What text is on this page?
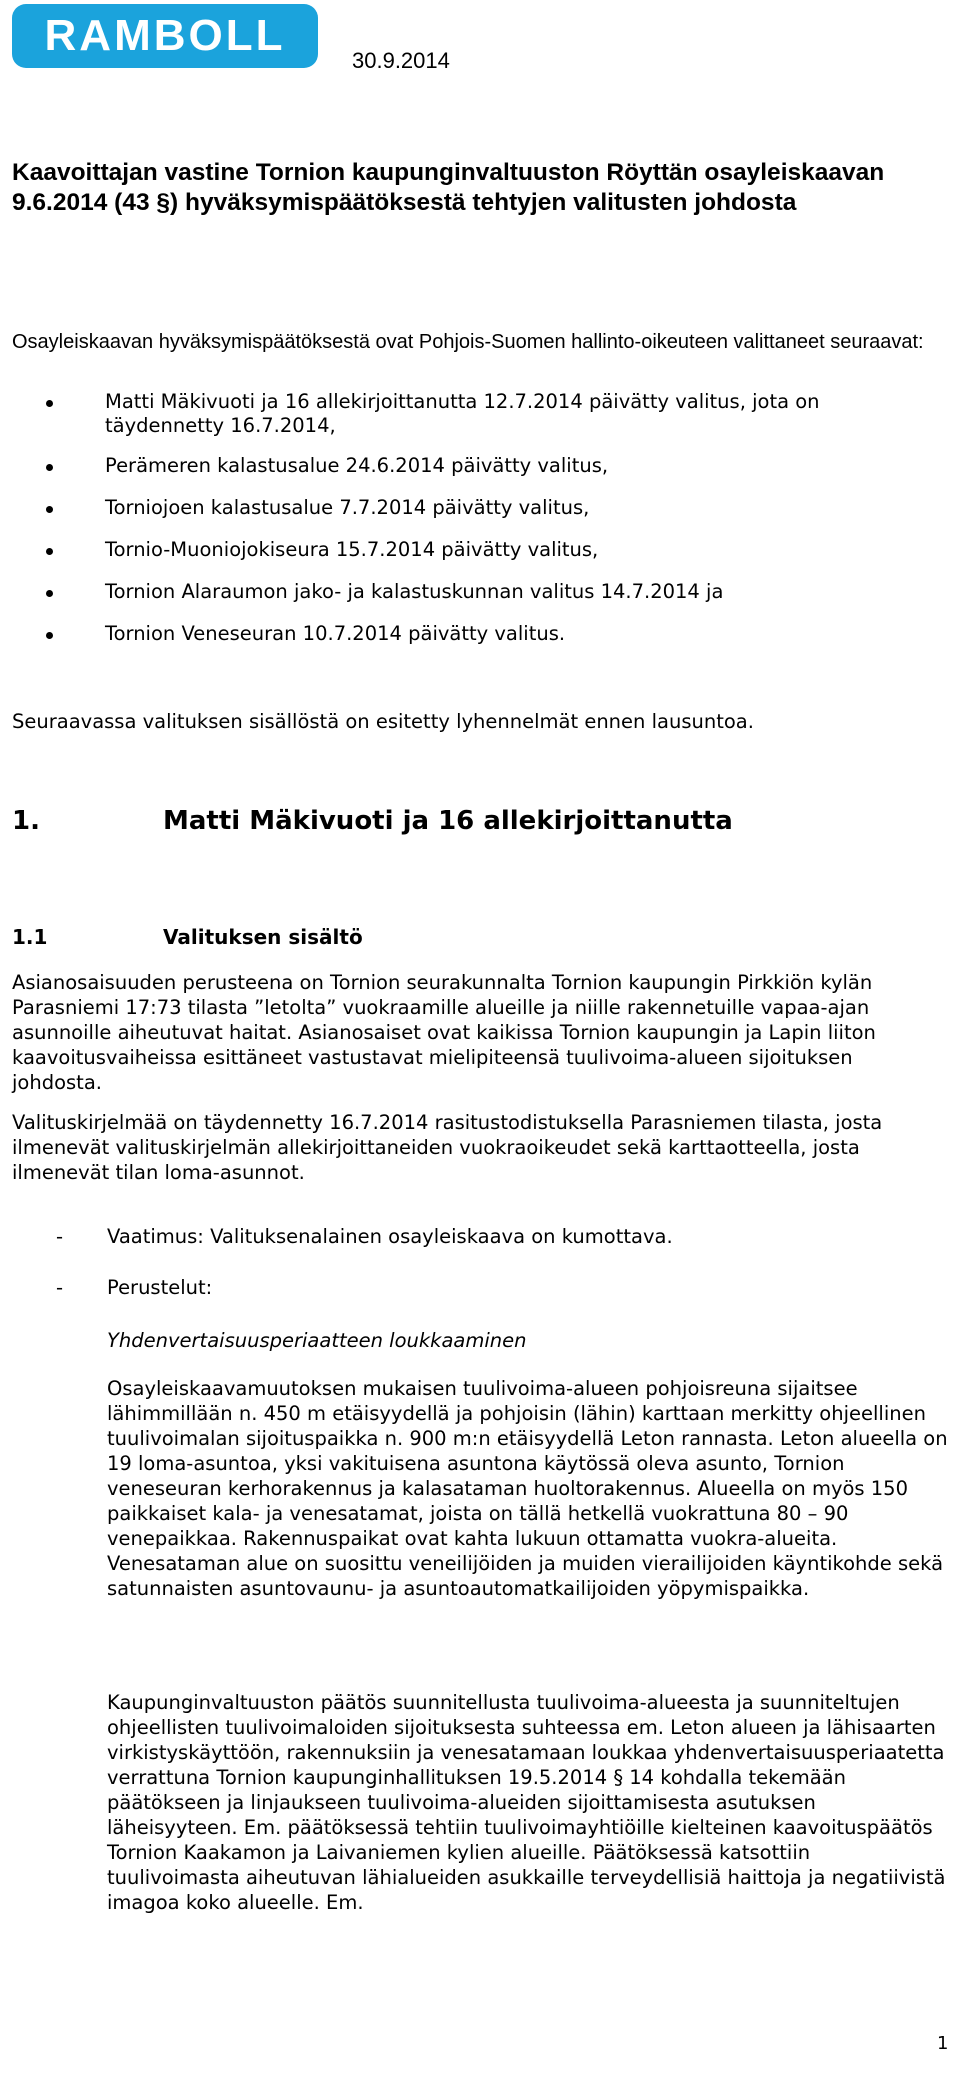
RAMBOLL
30.9.2014
Kaavoittajan vastine Tornion kaupunginvaltuuston Röyttän osayleiskaavan 9.6.2014 (43 §) hyväksymispäätöksestä tehtyjen valitusten johdosta

Osayleiskaavan hyväksymispäätöksestä ovat Pohjois-Suomen hallinto-oikeuteen valittaneet seuraavat:

Matti Mäkivuoti ja 16 allekirjoittanutta 12.7.2014 päivätty valitus, jota on täydennetty 16.7.2014,
Perämeren kalastusalue 24.6.2014 päivätty valitus,
Torniojoen kalastusalue 7.7.2014 päivätty valitus,
Tornio-Muoniojokiseura 15.7.2014 päivätty valitus,
Tornion Alaraumon jako- ja kalastuskunnan valitus 14.7.2014 ja
Tornion Veneseuran 10.7.2014 päivätty valitus.
Seuraavassa valituksen sisällöstä on esitetty lyhennelmät ennen lausuntoa.
1.	Matti Mäkivuoti ja 16 allekirjoittanutta
1.1	Valituksen sisältö

Asianosaisuuden perusteena on Tornion seurakunnalta Tornion kaupungin Pirkkiön kylän Parasniemi 17:73 tilasta ”letolta” vuokraamille alueille ja niille rakennetuille vapaa-ajan asunnoille aiheutuvat haitat. Asianosaiset ovat kaikissa Tornion kaupungin ja Lapin liiton kaavoitusvaiheissa esittäneet vastustavat mielipiteensä tuulivoima-alueen sijoituksen johdosta.

Valituskirjelmää on täydennetty 16.7.2014 rasitustodistuksella Parasniemen tilasta, josta ilmenevät valituskirjelmän allekirjoittaneiden vuokraoikeudet sekä karttaotteella, josta ilmenevät tilan loma-asunnot.

- Vaatimus: Valituksenalainen osayleiskaava on kumottava.
- Perustelut:
Yhdenvertaisuusperiaatteen loukkaaminen

Osayleiskaavamuutoksen mukaisen tuulivoima-alueen pohjoisreuna sijaitsee lähimmillään n. 450 m etäisyydellä ja pohjoisin (lähin) karttaan merkitty ohjeellinen tuulivoimalan sijoituspaikka n. 900 m:n etäisyydellä Leton rannasta. Leton alueella on 19 loma-asuntoa, yksi vakituisena asuntona käytössä oleva asunto, Tornion veneseuran kerhorakennus ja kalasataman huoltorakennus. Alueella on myös 150 paikkaiset kala- ja venesatamat, joista on tällä hetkellä vuokrattuna 80 – 90 venepaikkaa. Rakennuspaikat ovat kahta lukuun ottamatta vuokra-alueita. Venesataman alue on suosittu veneilijöiden ja muiden vierailijoiden käyntikohde sekä satunnaisten asuntovaunu- ja asuntoautomatkailijoiden yöpymispaikka.

Kaupunginvaltuuston päätös suunnitellusta tuulivoima-alueesta ja suunniteltujen ohjeellisten tuulivoimaloiden sijoituksesta suhteessa em. Leton alueen ja lähisaarten virkistyskäyttöön, rakennuksiin ja venesatamaan loukkaa yhdenvertaisuusperiaatetta verrattuna Tornion kaupunginhallituksen 19.5.2014 § 14 kohdalla tekemään päätökseen ja linjaukseen tuulivoima-alueiden sijoittamisesta asutuksen läheisyyteen. Em. päätöksessä tehtiin tuulivoimayhtiöille kielteinen kaavoituspäätös Tornion Kaakamon ja Laivaniemen kylien alueille. Päätöksessä katsottiin tuulivoimasta aiheutuvan lähialueiden asukkaille terveydellisiä haittoja ja negatiivistä imagoa koko alueelle. Em.

1
